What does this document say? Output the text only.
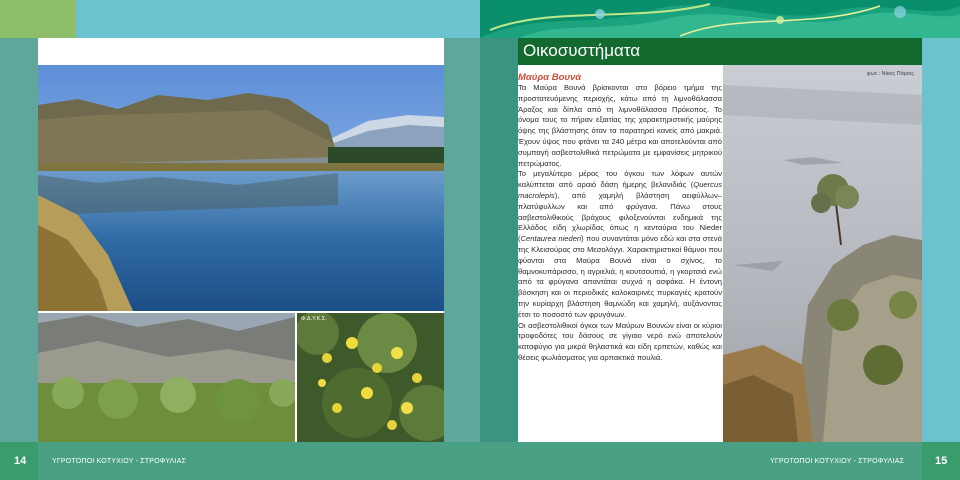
φωτ.: Φ.Δ.Υ.Κ.Σ.
Φ.Δ.Υ.Κ.Σ.
14	ΥΓΡΟΤΟΠΟΙ ΚΟΤΥΧΙΟΥ - ΣΤΡΟΦΥΛΙΑΣ
Οικοσυστήματα
Μαύρα Βουνά

Τα Μαύρα Βουνά βρίσκονται στο βόρειο τμήμα της προστατευόμενης περιοχής, κάτω από τη λιμνοθάλασσα Άραξος και δίπλα από τη λιμνοθάλασσα Πρόκοπος. Το όνομα τους το πήραν εξαιτίας της χαρακτηριστικής μαύρης όψης της βλάστησης όταν τα παρατηρεί κανείς από μακριά. Έχουν ύψος που φτάνει τα 240 μέτρα και αποτελούνται από συμπαγή ασβεστολιθικά πετρώματα με εμφανίσεις μητρικού πετρώματος.

Το μεγαλύτερο μέρος του όγκου των λόφων αυτών καλύπτεται από αραιό δάση ήμερης βελανιδιάς (Quercus macrolepis), από χαμηλή βλάστηση αειφύλλων–πλατύφυλλων και από φρύγανα. Πάνω στους ασβεστολιθικούς βράχους φιλοξενούνται ενδημικά της Ελλάδος είδη χλωρίδας όπως η κενταύρια του Nieder (Centaurea niederi) που συναντάται μόνο εδώ και στα στενά της Κλεισούρας στο Μεσολόγγι. Χαρακτηριστικοί θάμνοι που φύονται στα Μαύρα Βουνά είναι ο σχίνος, το θαμνοκυπάρισσο, η αγριελιά, η κουτσουπιά, η γκορτσιά ενώ από τα φρύγανα απαντάται συχνά η ασφάκα. Η έντονη βόσκηση και οι περιοδικές καλοκαιρινές πυρκαγιές κρατούν την κυρίαρχη βλάστηση θαμνώδη και χαμηλή, αυξάνοντας έτσι το ποσοστό των φρυγάνων.

Οι ασβεστολιθικοί όγκοι των Μαύρων Βουνών είναι οι κύριοι τροφοδότες του δάσους σε γίγαιο νερό ενώ αποτελούν καταφύγιο για μικρά θηλαστικά και είδη ερπετών, καθώς και θέσεις φωλιάσματος για αρπακτικά πουλιά.

φωτ.: Νίκος Πάριας
15
ΥΓΡΟΤΟΠΟΙ ΚΟΤΥΧΙΟΥ - ΣΤΡΟΦΥΛΙΑΣ
